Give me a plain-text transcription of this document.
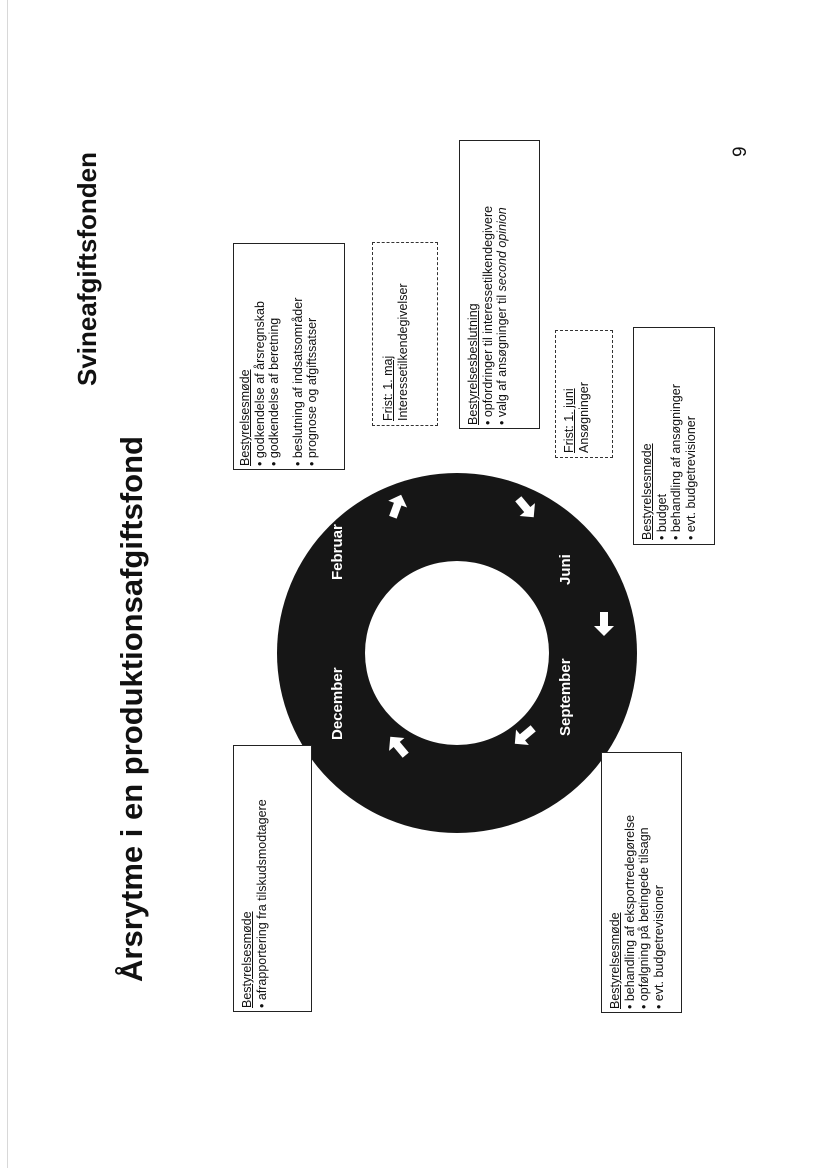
9
Svineafgiftsfonden
Årsrytme i en produktionsafgiftsfond	December
Februar	Juni
September
Bestyrelsesmøde • godkendelse af årsregnskab • godkendelse af beretning • beslutning af indsatsområder • prognose og afgiftssatser	Frist: 1. maj Interessetilkendegivelser	Bestyrelsesbeslutning • opfordringer til interessetilkendegivere • valg af ansøgninger til second opinion
Frist: 1. juni Ansøgninger
Bestyrelsesmøde • budget • behandling af ansøgninger • evt. budgetrevisioner
Bestyrelsesmøde • afrapportering fra tilskudsmodtagere	Bestyrelsesmøde • behandling af eksportredegørelse • opfølgning på betingede tilsagn • evt. budgetrevisioner
